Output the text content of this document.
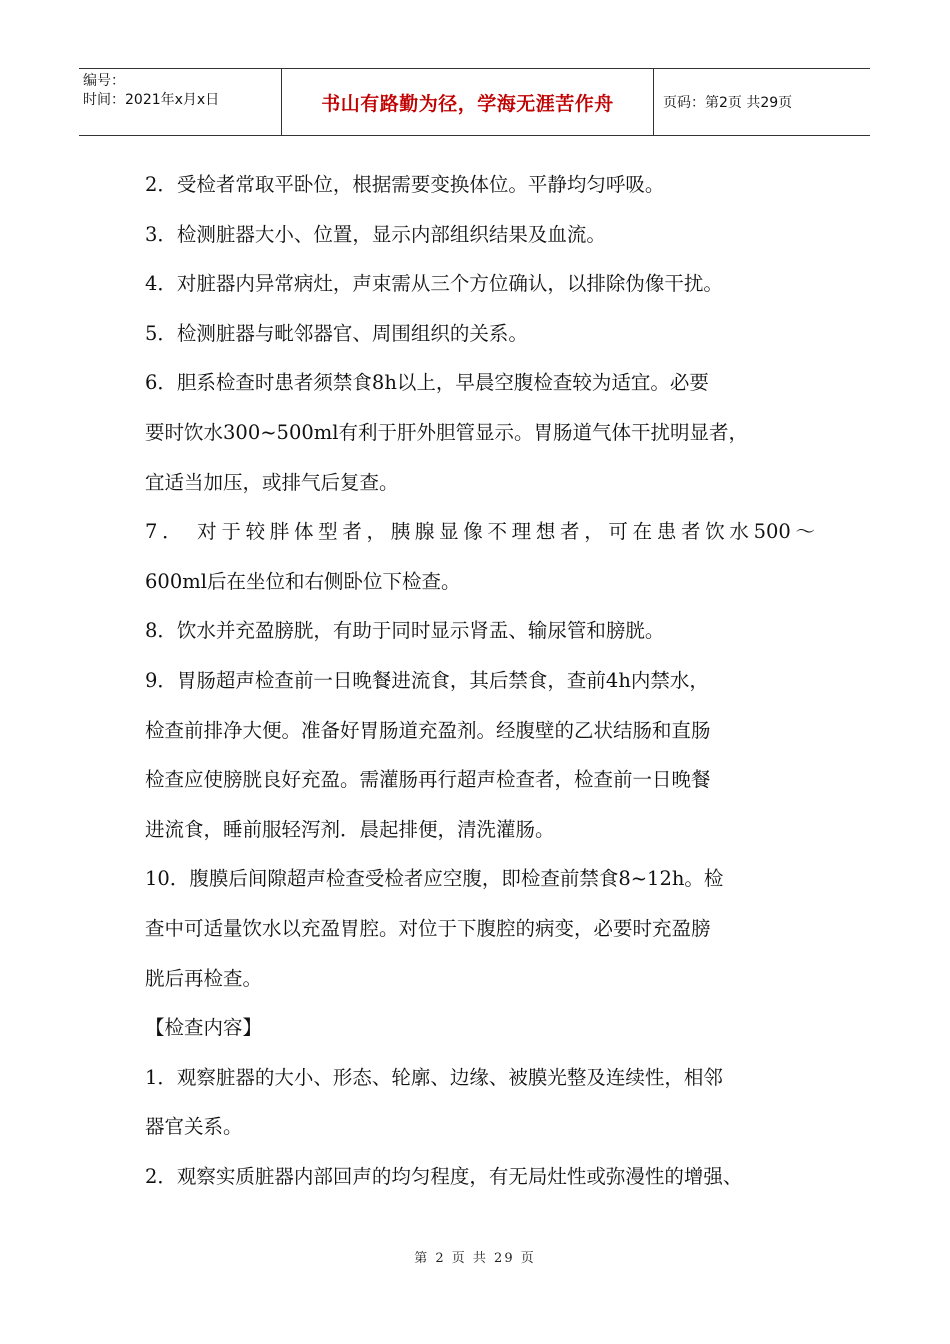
编号：
时间：2021年x月x日	书山有路勤为径，学海无涯苦作舟	页码：第2页 共29页
2．受检者常取平卧位，根据需要变换体位。平静均匀呼吸。
3．检测脏器大小、位置，显示内部组织结果及血流。
4．对脏器内异常病灶，声束需从三个方位确认，以排除伪像干扰。
5．检测脏器与毗邻器官、周围组织的关系。
6．胆系检查时患者须禁食8h以上，早晨空腹检查较为适宜。必要
要时饮水300~500ml有利于肝外胆管显示。胃肠道气体干扰明显者，
宜适当加压，或排气后复查。
7． 对于较胖体型者，胰腺显像不理想者，可在患者饮水500～
600ml后在坐位和右侧卧位下检查。
8．饮水并充盈膀胱，有助于同时显示肾盂、输尿管和膀胱。
9．胃肠超声检查前一日晚餐进流食，其后禁食，查前4h内禁水，
检查前排净大便。准备好胃肠道充盈剂。经腹壁的乙状结肠和直肠
检查应使膀胱良好充盈。需灌肠再行超声检查者，检查前一日晚餐
进流食，睡前服轻泻剂．晨起排便，清洗灌肠。
10．腹膜后间隙超声检查受检者应空腹，即检查前禁食8~12h。检
查中可适量饮水以充盈胃腔。对位于下腹腔的病变，必要时充盈膀
胱后再检查。
【检查内容】
1．观察脏器的大小、形态、轮廓、边缘、被膜光整及连续性，相邻
器官关系。
2．观察实质脏器内部回声的均匀程度，有无局灶性或弥漫性的增强、
第 2 页 共 29 页
